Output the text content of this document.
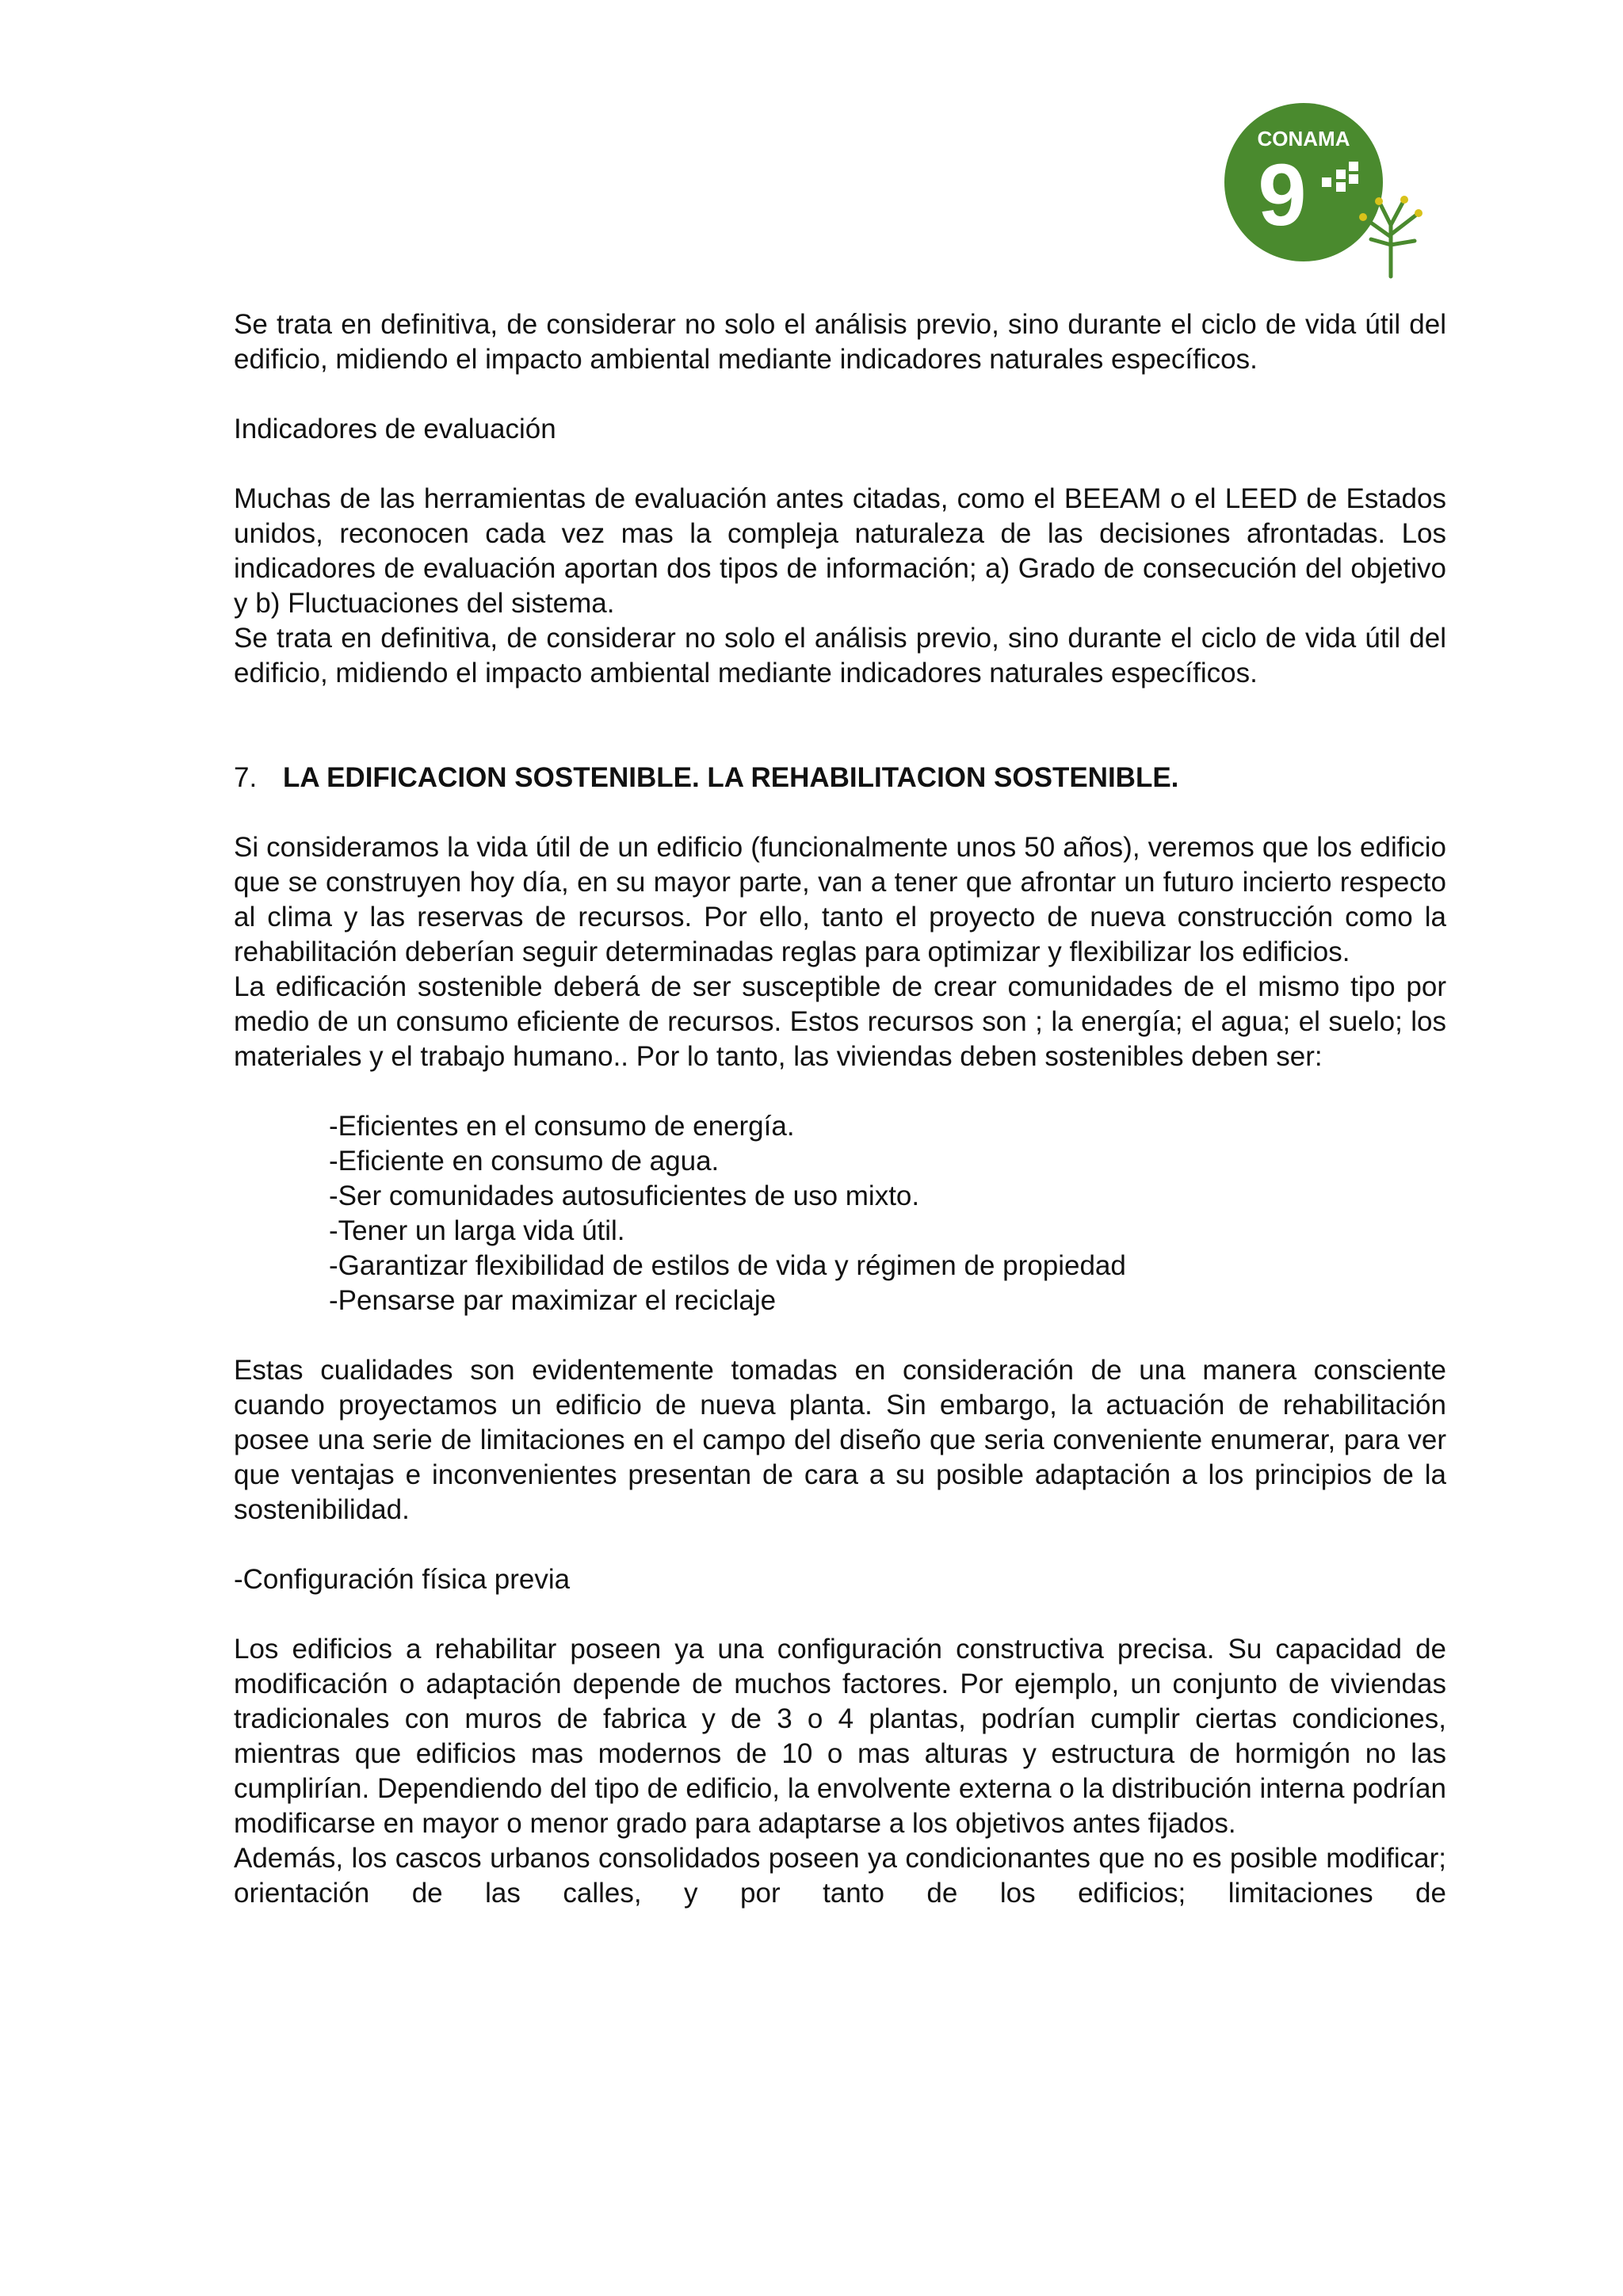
CONAMA
9

Se trata en definitiva, de considerar no solo el análisis previo, sino durante el ciclo de vida útil del edificio, midiendo el impacto ambiental mediante indicadores naturales específicos.

Indicadores de evaluación

Muchas de las herramientas de evaluación antes citadas, como el BEEAM o el LEED de Estados unidos, reconocen cada vez mas la compleja naturaleza de las decisiones afrontadas. Los indicadores de evaluación aportan dos tipos de información; a) Grado de consecución del objetivo y b) Fluctuaciones del sistema.

Se trata en definitiva, de considerar no solo el análisis previo, sino durante el ciclo de vida útil del edificio, midiendo el impacto ambiental mediante indicadores naturales específicos.

7. LA EDIFICACION SOSTENIBLE. LA REHABILITACION SOSTENIBLE.

Si consideramos la vida útil de un edificio (funcionalmente unos 50 años), veremos que los edificio que se construyen hoy día, en su mayor parte, van a tener que afrontar un futuro incierto respecto al clima y las reservas de recursos. Por ello, tanto el proyecto de nueva construcción como la rehabilitación deberían seguir determinadas reglas para optimizar y flexibilizar los edificios.

La edificación sostenible deberá de ser susceptible de crear comunidades de el mismo tipo por medio de un consumo eficiente de recursos. Estos recursos son ; la energía; el agua; el suelo; los materiales y el trabajo humano.. Por lo tanto, las viviendas deben sostenibles deben ser:

-Eficientes en el consumo de energía.
-Eficiente en consumo de agua.
-Ser comunidades autosuficientes de uso mixto.
-Tener un larga vida útil.
-Garantizar flexibilidad de estilos de vida y régimen de propiedad
-Pensarse par maximizar el reciclaje

Estas cualidades son evidentemente tomadas en consideración de una manera consciente cuando proyectamos un edificio de nueva planta. Sin embargo, la actuación de rehabilitación posee una serie de limitaciones en el campo del diseño que seria conveniente enumerar, para ver que ventajas e inconvenientes presentan de cara a su posible adaptación a los principios de la sostenibilidad.

-Configuración física previa

Los edificios a rehabilitar poseen ya una configuración constructiva precisa. Su capacidad de modificación o adaptación depende de muchos factores. Por ejemplo, un conjunto de viviendas tradicionales con muros de fabrica y de 3 o 4 plantas, podrían cumplir ciertas condiciones, mientras que edificios mas modernos de 10 o mas alturas y estructura de hormigón no las cumplirían. Dependiendo del tipo de edificio, la envolvente externa o la distribución interna podrían modificarse en mayor o menor grado para adaptarse a los objetivos antes fijados.

Además, los cascos urbanos consolidados poseen ya condicionantes que no es posible modificar; orientación de las calles, y por tanto de los edificios; limitaciones de
